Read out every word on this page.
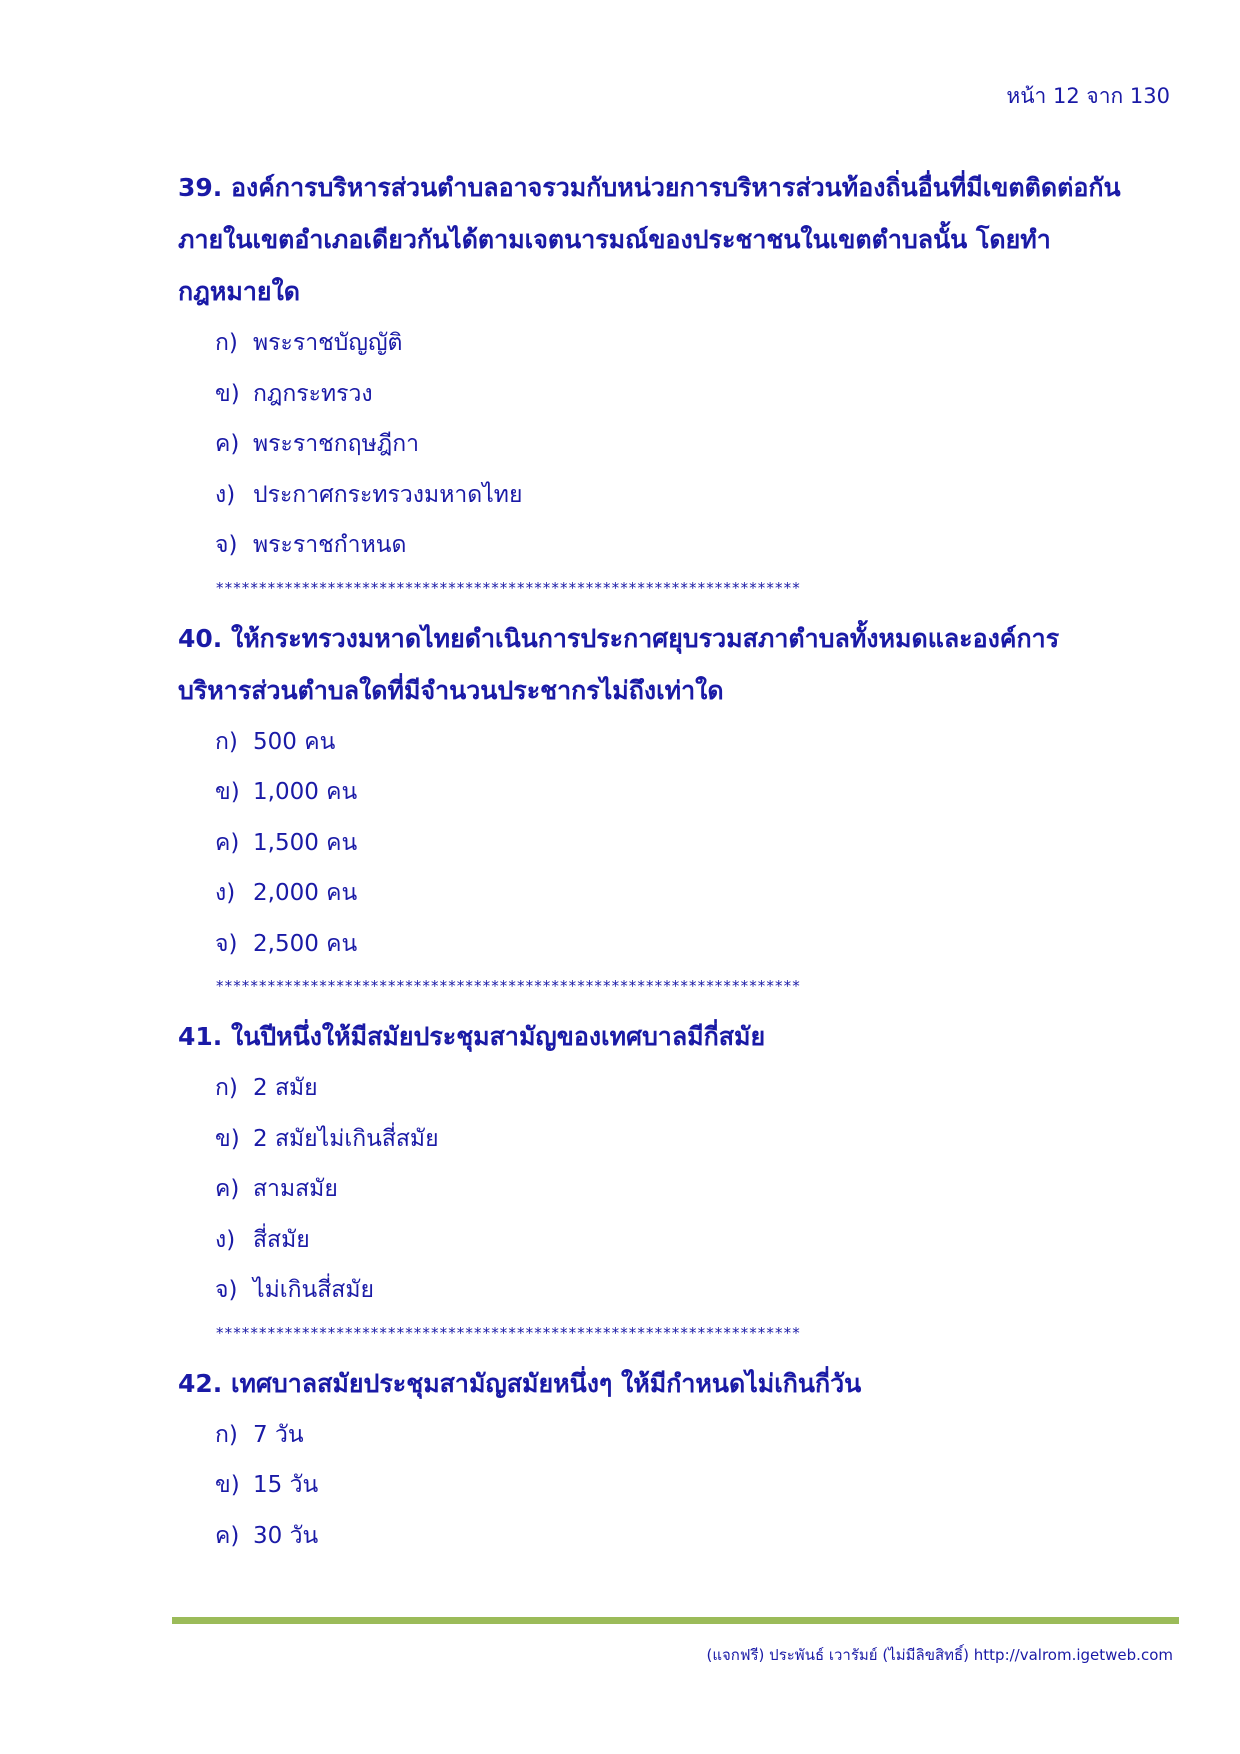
หน้า 12 จาก 130

39. องค์การบริหารส่วนตำบลอาจรวมกับหน่วยการบริหารส่วนท้องถิ่นอื่นที่มีเขตติดต่อกัน
ภายในเขตอำเภอเดียวกันได้ตามเจตนารมณ์ของประชาชนในเขตตำบลนั้น โดยทำ
กฎหมายใด

ก) พระราชบัญญัติ
ข) กฎกระทรวง
ค) พระราชกฤษฎีกา
ง) ประกาศกระทรวงมหาดไทย
จ) พระราชกำหนด
********************************************************************

40. ให้กระทรวงมหาดไทยดำเนินการประกาศยุบรวมสภาตำบลทั้งหมดและองค์การ
บริหารส่วนตำบลใดที่มีจำนวนประชากรไม่ถึงเท่าใด

ก) 500 คน
ข) 1,000 คน
ค) 1,500 คน
ง) 2,000 คน
จ) 2,500 คน
********************************************************************

41. ในปีหนึ่งให้มีสมัยประชุมสามัญของเทศบาลมีกี่สมัย

ก) 2 สมัย
ข) 2 สมัยไม่เกินสี่สมัย
ค) สามสมัย
ง) สี่สมัย
จ) ไม่เกินสี่สมัย
********************************************************************

42. เทศบาลสมัยประชุมสามัญสมัยหนึ่งๆ ให้มีกำหนดไม่เกินกี่วัน

ก) 7 วัน
ข) 15 วัน
ค) 30 วัน
(แจกฟรี) ประพันธ์ เวารัมย์ (ไม่มีลิขสิทธิ์) http://valrom.igetweb.com
